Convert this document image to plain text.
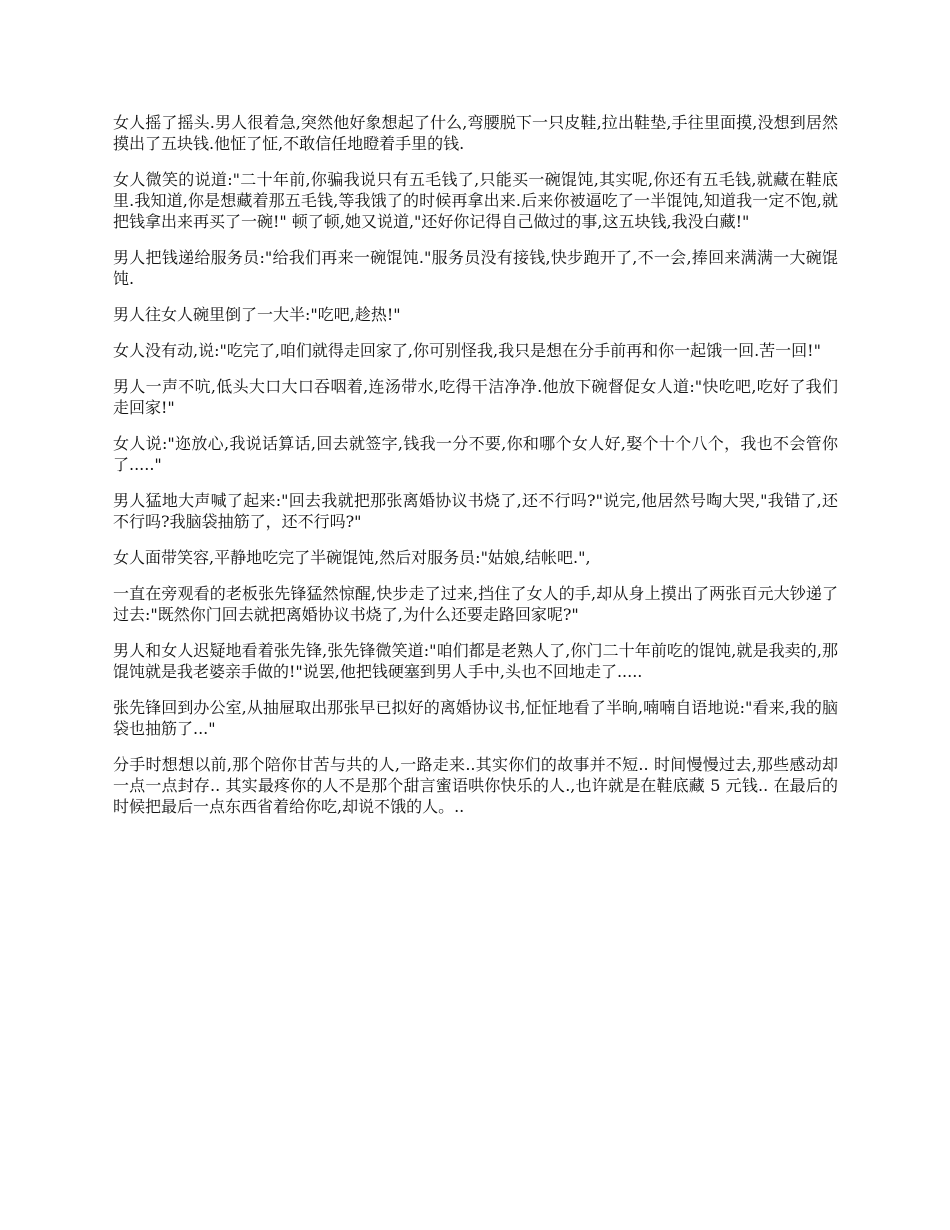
女人摇了摇头.男人很着急,突然他好象想起了什么,弯腰脱下一只皮鞋,拉出鞋垫,手往里面摸,没想到居然摸出了五块钱.他怔了怔,不敢信任地瞪着手里的钱.

女人微笑的说道:"二十年前,你骗我说只有五毛钱了,只能买一碗馄饨,其实呢,你还有五毛钱,就藏在鞋底里.我知道,你是想藏着那五毛钱,等我饿了的时候再拿出来.后来你被逼吃了一半馄饨,知道我一定不饱,就把钱拿出来再买了一碗!" 顿了顿,她又说道,"还好你记得自己做过的事,这五块钱,我没白藏!"

男人把钱递给服务员:"给我们再来一碗馄饨."服务员没有接钱,快步跑开了,不一会,捧回来满满一大碗馄饨.

男人往女人碗里倒了一大半:"吃吧,趁热!"

女人没有动,说:"吃完了,咱们就得走回家了,你可别怪我,我只是想在分手前再和你一起饿一回.苦一回!"

男人一声不吭,低头大口大口吞咽着,连汤带水,吃得干洁净净.他放下碗督促女人道:"快吃吧,吃好了我们走回家!"

女人说:"迩放心,我说话算话,回去就签字,钱我一分不要,你和哪个女人好,娶个十个八个，我也不会管你了....."

男人猛地大声喊了起来:"回去我就把那张离婚协议书烧了,还不行吗?"说完,他居然号啕大哭,"我错了,还不行吗?我脑袋抽筋了，还不行吗?"

女人面带笑容,平静地吃完了半碗馄饨,然后对服务员:"姑娘,结帐吧.",

一直在旁观看的老板张先锋猛然惊醒,快步走了过来,挡住了女人的手,却从身上摸出了两张百元大钞递了过去:"既然你门回去就把离婚协议书烧了,为什么还要走路回家呢?"

男人和女人迟疑地看着张先锋,张先锋微笑道:"咱们都是老熟人了,你门二十年前吃的馄饨,就是我卖的,那馄饨就是我老婆亲手做的!"说罢,他把钱硬塞到男人手中,头也不回地走了.....

张先锋回到办公室,从抽屉取出那张早已拟好的离婚协议书,怔怔地看了半晌,喃喃自语地说:"看来,我的脑袋也抽筋了..."

分手时想想以前,那个陪你甘苦与共的人,一路走来..其实你们的故事并不短.. 时间慢慢过去,那些感动却一点一点封存.. 其实最疼你的人不是那个甜言蜜语哄你快乐的人.,也许就是在鞋底藏 5 元钱.. 在最后的时候把最后一点东西省着给你吃,却说不饿的人。..
